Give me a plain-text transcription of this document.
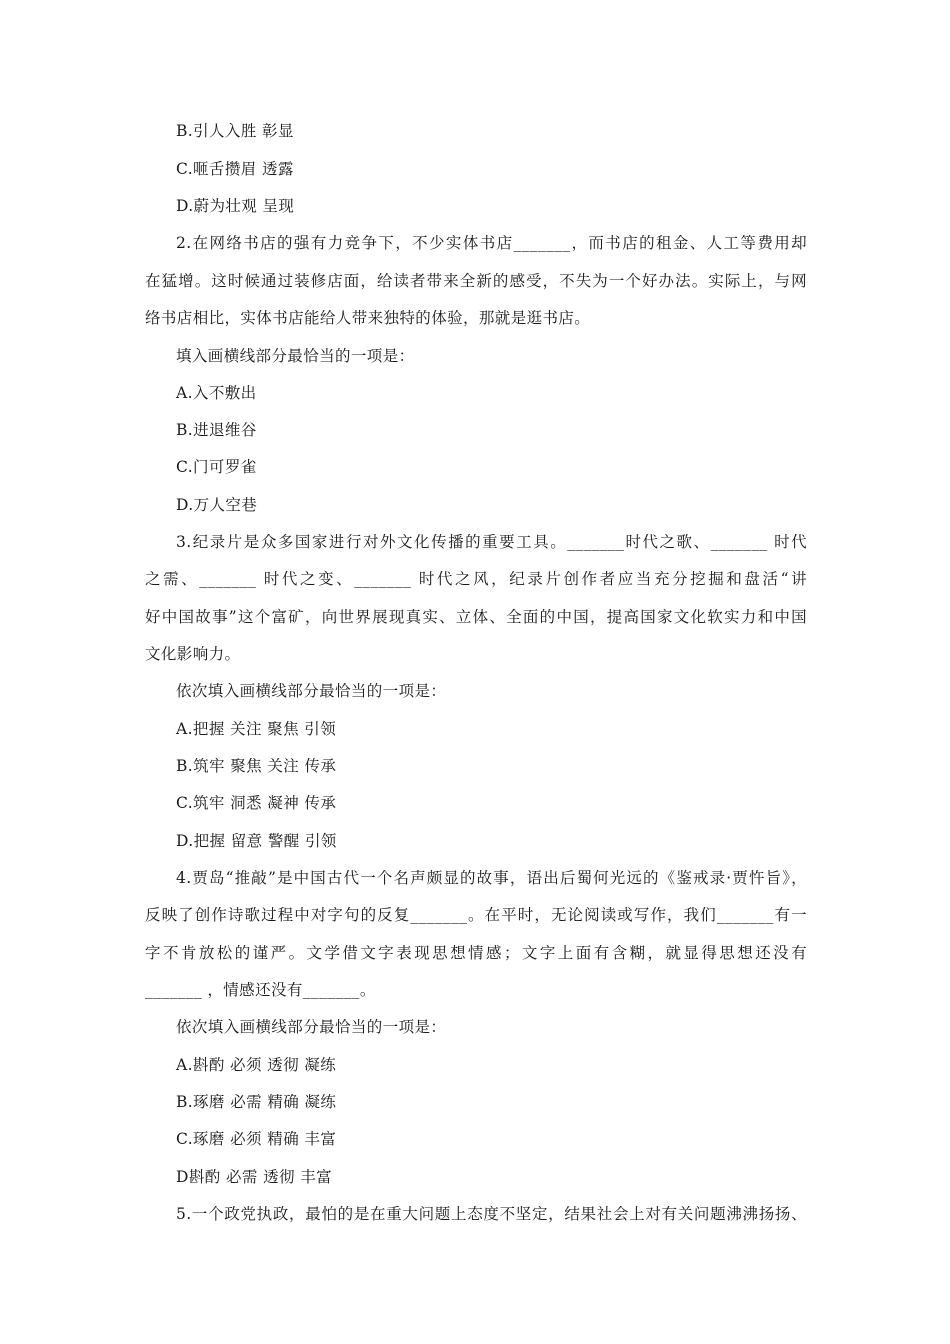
B.引人入胜 彰显
C.咂舌攒眉 透露
D.蔚为壮观 呈现
2.在网络书店的强有力竞争下，不少实体书店_______，而书店的租金、人工等费用却
在猛增。这时候通过装修店面，给读者带来全新的感受，不失为一个好办法。实际上，与网
络书店相比，实体书店能给人带来独特的体验，那就是逛书店。
填入画横线部分最恰当的一项是：
A.入不敷出
B.进退维谷
C.门可罗雀
D.万人空巷
3.纪录片是众多国家进行对外文化传播的重要工具。_______时代之歌、_______ 时代
之需、_______ 时代之变、_______ 时代之风，纪录片创作者应当充分挖掘和盘活“讲
好中国故事”这个富矿，向世界展现真实、立体、全面的中国，提高国家文化软实力和中国
文化影响力。
依次填入画横线部分最恰当的一项是：
A.把握 关注 聚焦 引领
B.筑牢 聚焦 关注 传承
C.筑牢 洞悉 凝神 传承
D.把握 留意 警醒 引领
4.贾岛“推敲”是中国古代一个名声颇显的故事，语出后蜀何光远的《鉴戒录·贾忤旨》，
反映了创作诗歌过程中对字句的反复_______。在平时，无论阅读或写作，我们_______有一
字不肯放松的谨严。文学借文字表现思想情感；文字上面有含糊，就显得思想还没有
_______ ，情感还没有_______。
依次填入画横线部分最恰当的一项是：
A.斟酌 必须 透彻 凝练
B.琢磨 必需 精确 凝练
C.琢磨 必须 精确 丰富
D斟酌 必需 透彻 丰富
5.一个政党执政，最怕的是在重大问题上态度不坚定，结果社会上对有关问题沸沸扬扬、
